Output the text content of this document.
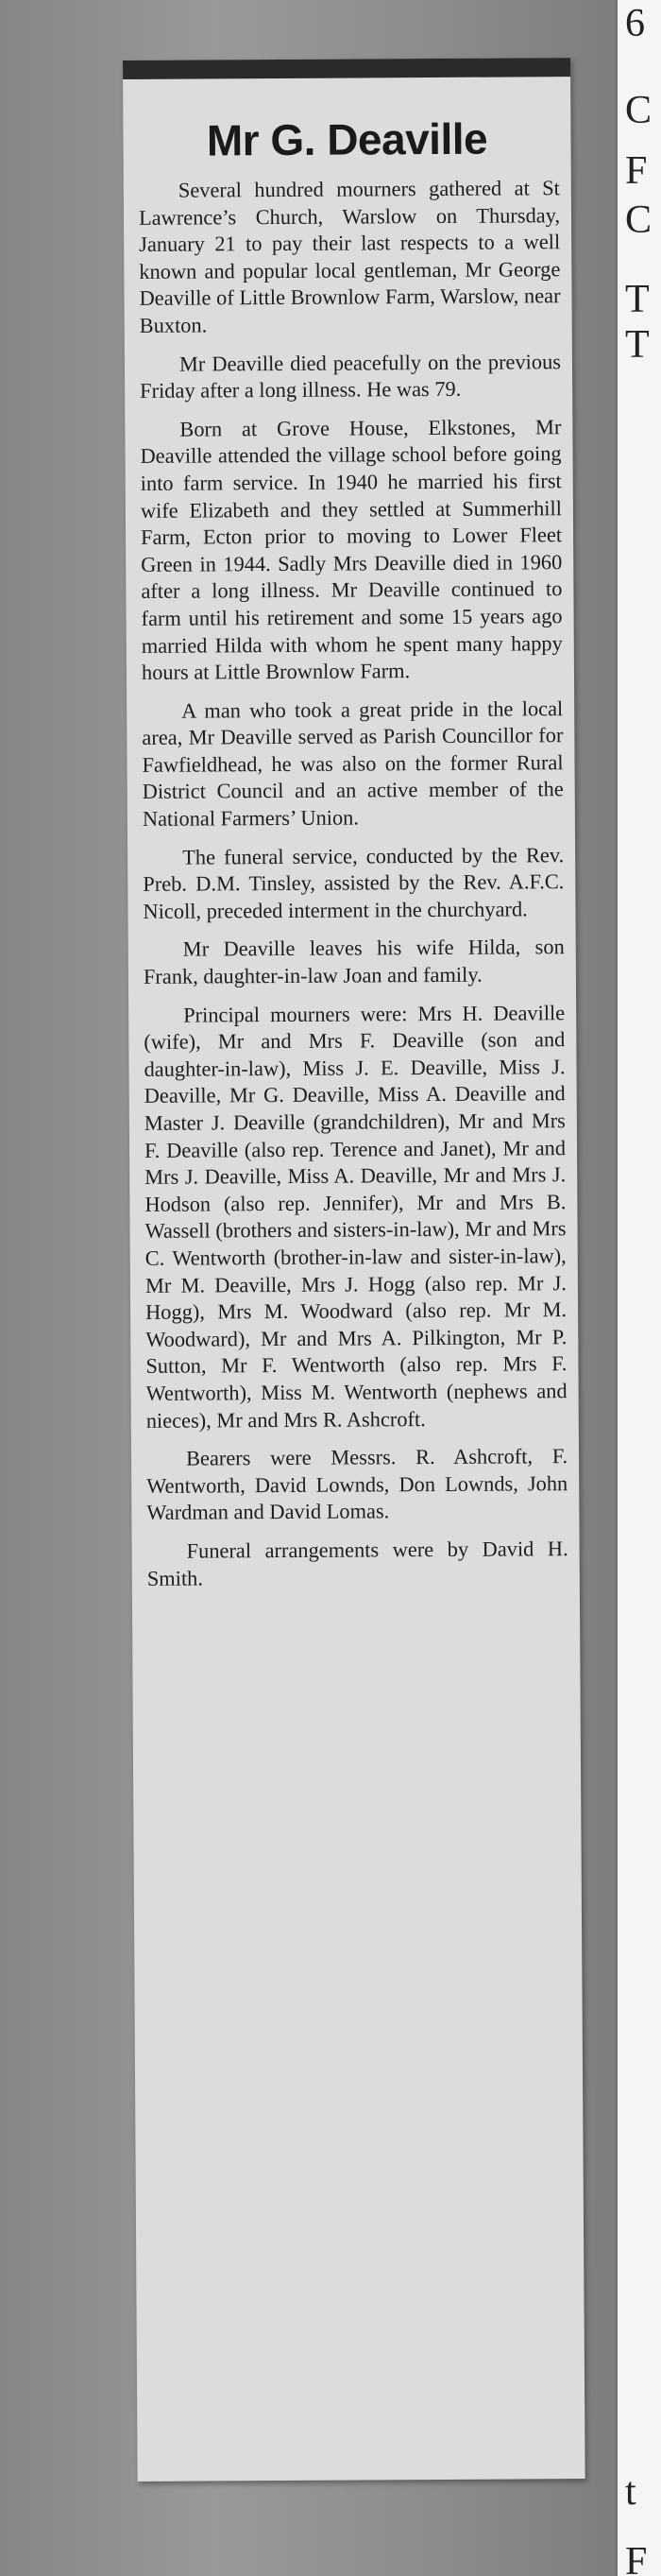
6
C
F
C
T
T
t
F
Mr G. Deaville

Several hundred mourners gathered at St Lawrence’s Church, Warslow on Thursday, January 21 to pay their last respects to a well known and popular local gentleman, Mr George Deaville of Little Brownlow Farm, Warslow, near Buxton.

Mr Deaville died peacefully on the previous Friday after a long illness. He was 79.

Born at Grove House, Elkstones, Mr Deaville attended the village school before going into farm service. In 1940 he married his first wife Elizabeth and they settled at Summerhill Farm, Ecton prior to moving to Lower Fleet Green in 1944. Sadly Mrs Deaville died in 1960 after a long illness. Mr Deaville continued to farm until his retirement and some 15 years ago married Hilda with whom he spent many happy hours at Little Brownlow Farm.

A man who took a great pride in the local area, Mr Deaville served as Parish Councillor for Fawfieldhead, he was also on the former Rural District Council and an active member of the National Farmers’ Union.

The funeral service, conducted by the Rev. Preb. D.M. Tinsley, assisted by the Rev. A.F.C. Nicoll, preceded interment in the churchyard.

Mr Deaville leaves his wife Hilda, son Frank, daughter-in-law Joan and family.

Principal mourners were: Mrs H. Deaville (wife), Mr and Mrs F. Deaville (son and daughter-in-law), Miss J. E. Deaville, Miss J. Deaville, Mr G. Deaville, Miss A. Deaville and Master J. Deaville (grandchildren), Mr and Mrs F. Deaville (also rep. Terence and Janet), Mr and Mrs J. Deaville, Miss A. Deaville, Mr and Mrs J. Hodson (also rep. Jennifer), Mr and Mrs B. Wassell (brothers and sisters-in-law), Mr and Mrs C. Wentworth (brother-in-law and sister-in-law), Mr M. Deaville, Mrs J. Hogg (also rep. Mr J. Hogg), Mrs M. Woodward (also rep. Mr M. Woodward), Mr and Mrs A. Pilkington, Mr P. Sutton, Mr F. Wentworth (also rep. Mrs F. Wentworth), Miss M. Wentworth (nephews and nieces), Mr and Mrs R. Ashcroft.

Bearers were Messrs. R. Ashcroft, F. Wentworth, David Lownds, Don Lownds, John Wardman and David Lomas.

Funeral arrangements were by David H. Smith.
